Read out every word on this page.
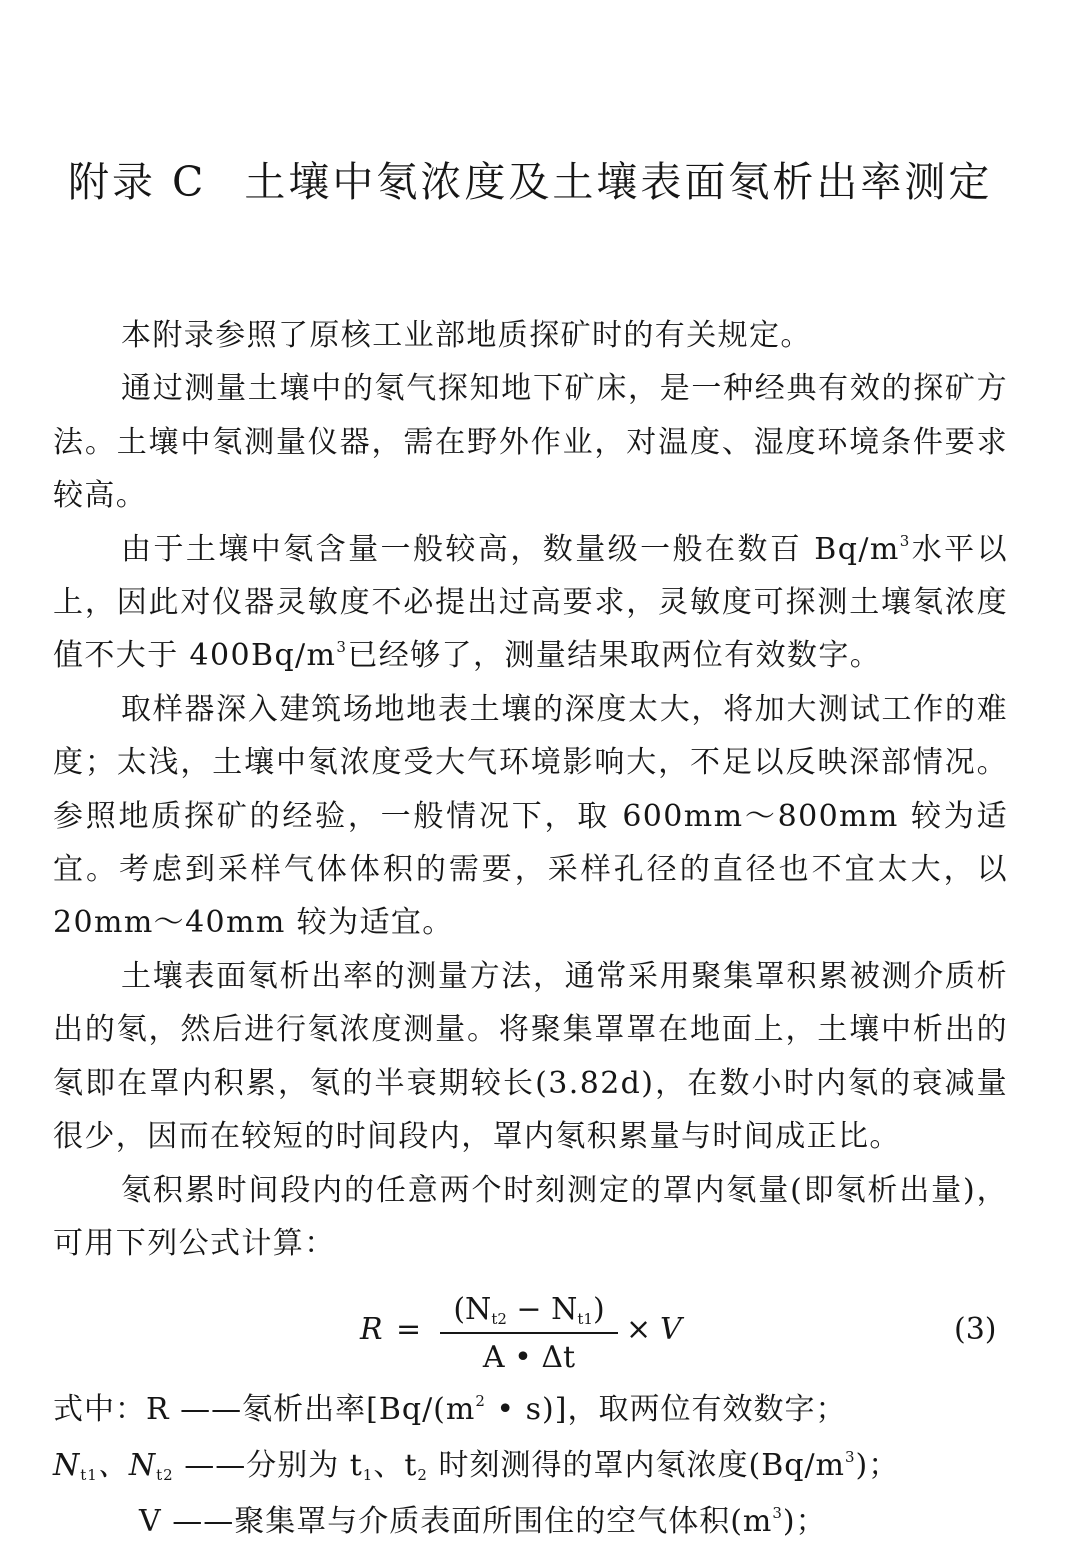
附录 C 土壤中氡浓度及土壤表面氡析出率测定

本附录参照了原核工业部地质探矿时的有关规定。

通过测量土壤中的氡气探知地下矿床，是一种经典有效的探矿方法。土壤中氡测量仪器，需在野外作业，对温度、湿度环境条件要求较高。

由于土壤中氡含量一般较高，数量级一般在数百 $Bq/m^3$水平以上，因此对仪器灵敏度不必提出过高要求，灵敏度可探测土壤氡浓度值不大于 $400Bq/m^3$已经够了，测量结果取两位有效数字。

取样器深入建筑场地地表土壤的深度太大，将加大测试工作的难度；太浅，土壤中氡浓度受大气环境影响大，不足以反映深部情况。参照地质探矿的经验，一般情况下，取 600mm～800mm 较为适宜。考虑到采样气体体积的需要，采样孔径的直径也不宜太大，以 20mm～40mm 较为适宜。

土壤表面氡析出率的测量方法，通常采用聚集罩积累被测介质析出的氡，然后进行氡浓度测量。将聚集罩罩在地面上，土壤中析出的氡即在罩内积累，氡的半衰期较长(3.82d)，在数小时内氡的衰减量很少，因而在较短的时间段内，罩内氡积累量与时间成正比。

氡积累时间段内的任意两个时刻测定的罩内氡量(即氡析出量)，可用下列公式计算：

R =
$(N_{t2} - N_{t1})$
A • Δt
× V	(3)
式中：R ——氡析出率[$Bq/(m^2$ • s)]，取两位有效数字；
$N_{t1}$、$N_{t2}$ ——分别为 $t_1$、$t_2$ 时刻测得的罩内氡浓度$(Bq/m^3)$；
V ——聚集罩与介质表面所围住的空气体积$(m^3)$；
